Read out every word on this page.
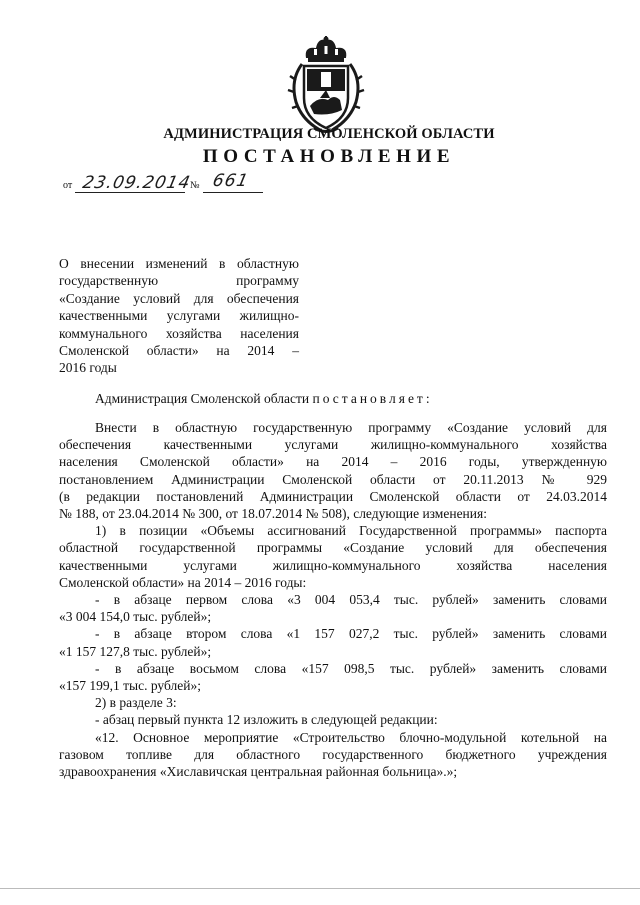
АДМИНИСТРАЦИЯ СМОЛЕНСКОЙ ОБЛАСТИ
ПОСТАНОВЛЕНИЕ
от 23.09.2014
№ 661
О внесении изменений в областную
государственную программу
«Создание условий для обеспечения
качественными услугами жилищно-
коммунального хозяйства населения
Смоленской области» на 2014 –
2016 годы
Администрация Смоленской области постановляет:
Внести в областную государственную программу «Создание условий для
обеспечения качественными услугами жилищно-коммунального хозяйства
населения Смоленской области» на 2014 – 2016 годы, утвержденную
постановлением Администрации Смоленской области от 20.11.2013 № 929
(в редакции постановлений Администрации Смоленской области от 24.03.2014
№ 188, от 23.04.2014 № 300, от 18.07.2014 № 508), следующие изменения:
1) в позиции «Объемы ассигнований Государственной программы» паспорта
областной государственной программы «Создание условий для обеспечения
качественными услугами жилищно-коммунального хозяйства населения
Смоленской области» на 2014 – 2016 годы:
- в абзаце первом слова «3 004 053,4 тыс. рублей» заменить словами
«3 004 154,0 тыс. рублей»;
- в абзаце втором слова «1 157 027,2 тыс. рублей» заменить словами
«1 157 127,8 тыс. рублей»;
- в абзаце восьмом слова «157 098,5 тыс. рублей» заменить словами
«157 199,1 тыс. рублей»;
2) в разделе 3:
- абзац первый пункта 12 изложить в следующей редакции:
«12. Основное мероприятие «Строительство блочно-модульной котельной на
газовом топливе для областного государственного бюджетного учреждения
здравоохранения «Хиславичская центральная районная больница».»;
